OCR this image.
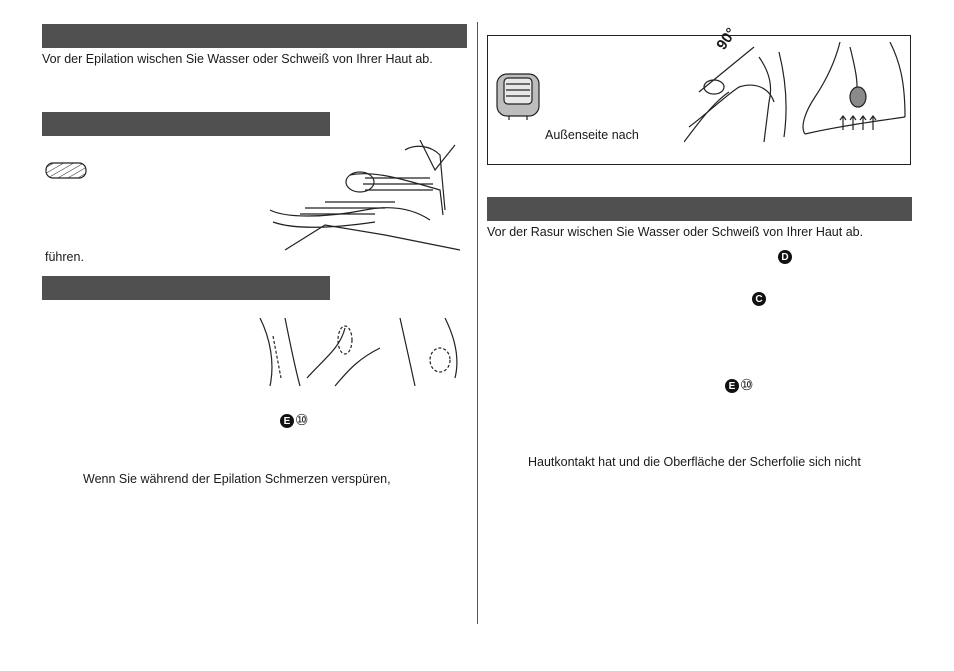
Vor der Epilation wischen Sie Wasser oder Schweiß von Ihrer Haut ab.
führen.
E ⑩
Wenn Sie während der Epilation Schmerzen verspüren,
Außenseite nach
90°
Vor der Rasur wischen Sie Wasser oder Schweiß von Ihrer Haut ab.
D
C
E ⑩
Hautkontakt hat und die Oberfläche der Scherfolie sich nicht
